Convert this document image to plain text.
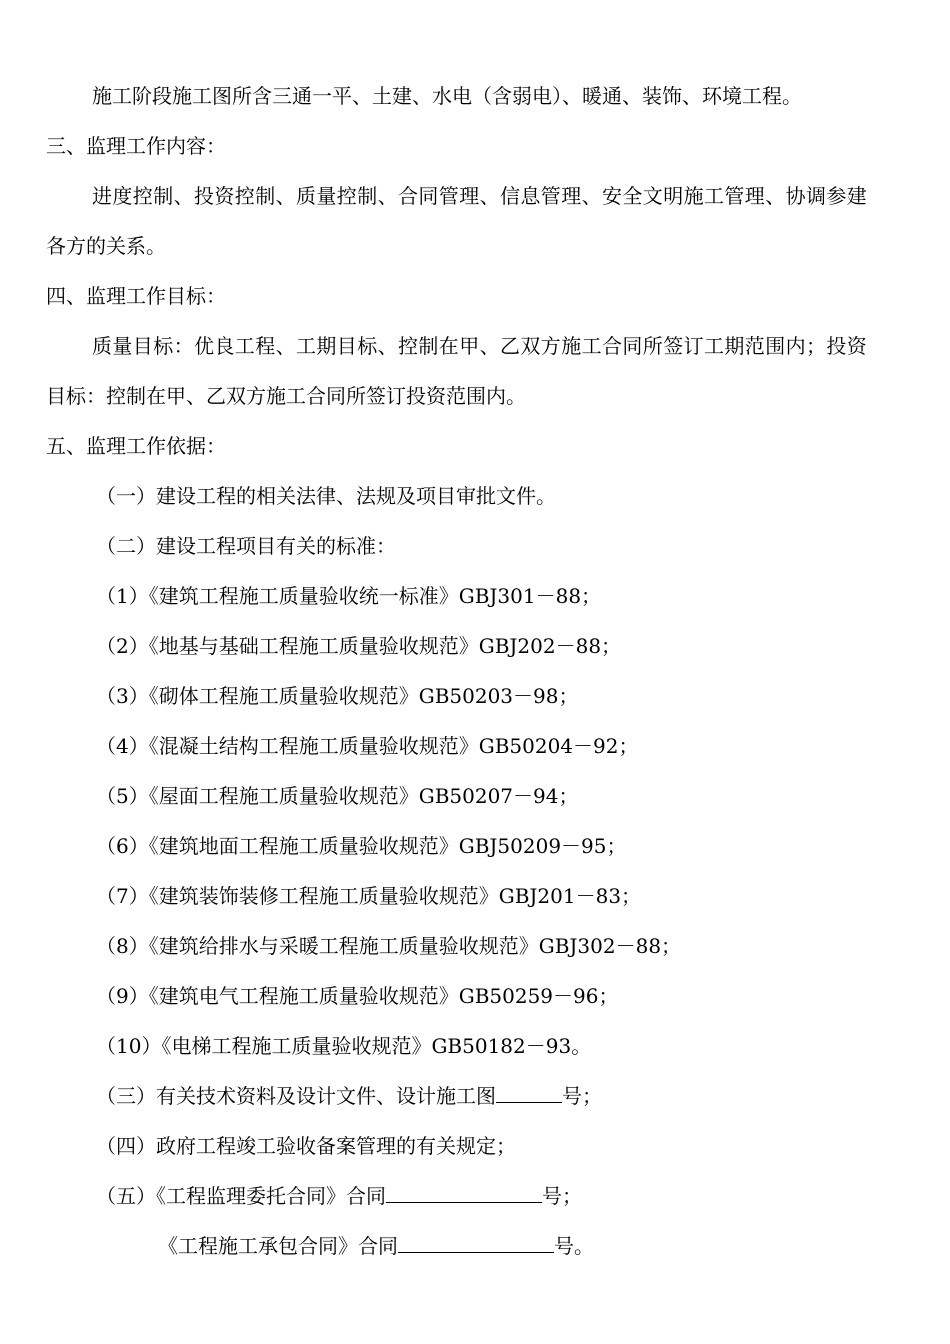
施工阶段施工图所含三通一平、土建、水电（含弱电）、暖通、装饰、环境工程。
三、监理工作内容：
进度控制、投资控制、质量控制、合同管理、信息管理、安全文明施工管理、协调参建
各方的关系。
四、监理工作目标：
质量目标：优良工程、工期目标、控制在甲、乙双方施工合同所签订工期范围内；投资
目标：控制在甲、乙双方施工合同所签订投资范围内。
五、监理工作依据：
（一）建设工程的相关法律、法规及项目审批文件。
（二）建设工程项目有关的标准：
（1）《建筑工程施工质量验收统一标准》GBJ301－88；
（2）《地基与基础工程施工质量验收规范》GBJ202－88；
（3）《砌体工程施工质量验收规范》GB50203－98；
（4）《混凝土结构工程施工质量验收规范》GB50204－92；
（5）《屋面工程施工质量验收规范》GB50207－94；
（6）《建筑地面工程施工质量验收规范》GBJ50209－95；
（7）《建筑装饰装修工程施工质量验收规范》GBJ201－83；
（8）《建筑给排水与采暖工程施工质量验收规范》GBJ302－88；
（9）《建筑电气工程施工质量验收规范》GB50259－96；
（10）《电梯工程施工质量验收规范》GB50182－93。
（三）有关技术资料及设计文件、设计施工图	号；
（四）政府工程竣工验收备案管理的有关规定；
（五）《工程监理委托合同》合同	号；
《工程施工承包合同》合同	号。
